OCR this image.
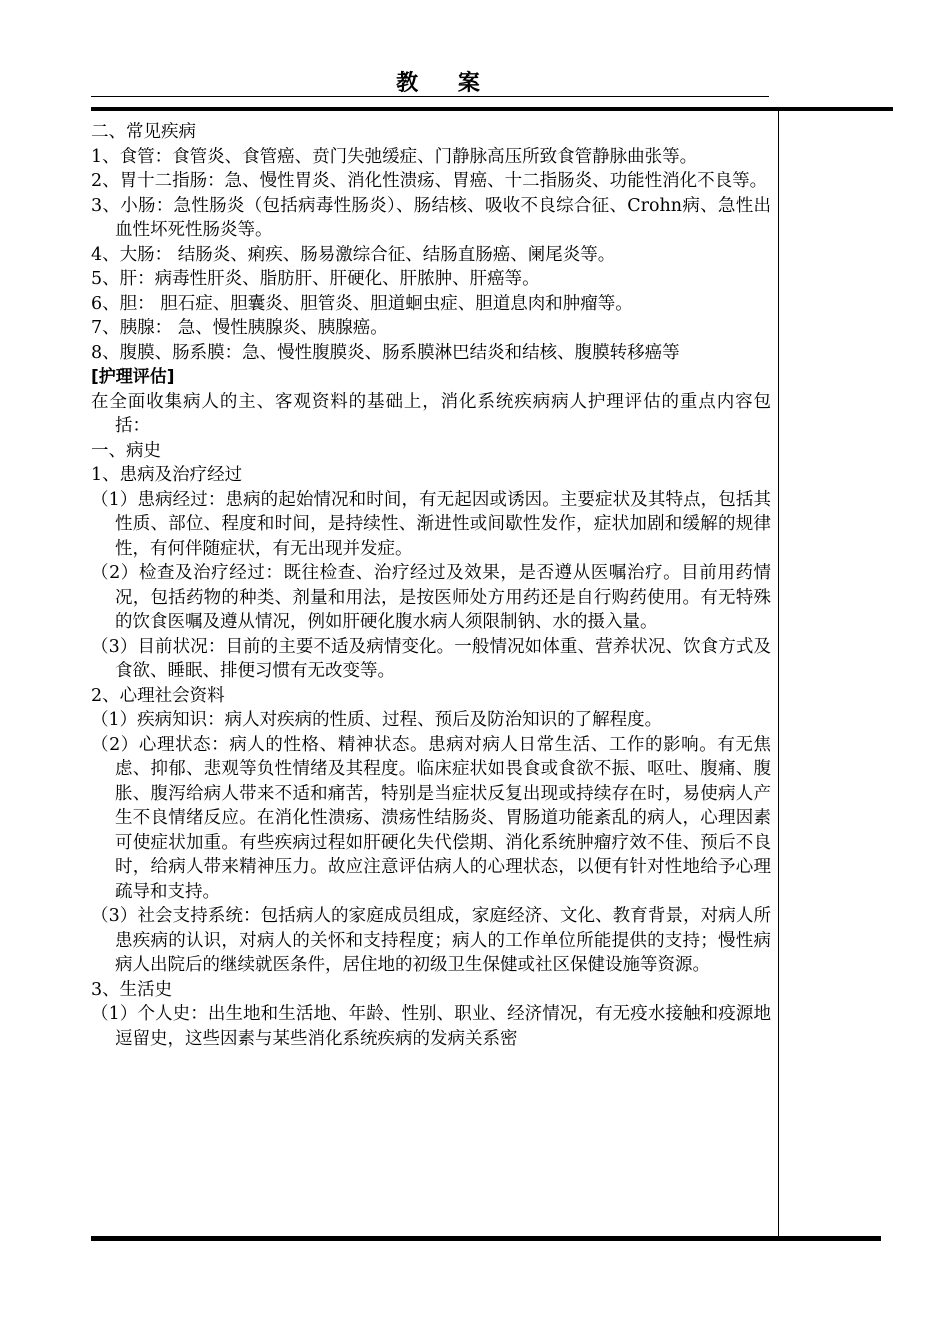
教 案

二、常见疾病

1、食管：食管炎、食管癌、贲门失弛缓症、门静脉高压所致食管静脉曲张等。

2、胃十二指肠：急、慢性胃炎、消化性溃疡、胃癌、十二指肠炎、功能性消化不良等。

3、小肠：急性肠炎（包括病毒性肠炎）、肠结核、吸收不良综合征、Crohn病、急性出血性坏死性肠炎等。

4、大肠： 结肠炎、痢疾、肠易激综合征、结肠直肠癌、阑尾炎等。

5、肝：病毒性肝炎、脂肪肝、肝硬化、肝脓肿、肝癌等。

6、胆： 胆石症、胆囊炎、胆管炎、胆道蛔虫症、胆道息肉和肿瘤等。

7、胰腺： 急、慢性胰腺炎、胰腺癌。

8、腹膜、肠系膜：急、慢性腹膜炎、肠系膜淋巴结炎和结核、腹膜转移癌等

[护理评估]

在全面收集病人的主、客观资料的基础上，消化系统疾病病人护理评估的重点内容包括：

一、病史

1、患病及治疗经过

（1）患病经过：患病的起始情况和时间，有无起因或诱因。主要症状及其特点，包括其性质、部位、程度和时间，是持续性、渐进性或间歇性发作，症状加剧和缓解的规律性，有何伴随症状，有无出现并发症。

（2）检查及治疗经过：既往检查、治疗经过及效果，是否遵从医嘱治疗。目前用药情况，包括药物的种类、剂量和用法，是按医师处方用药还是自行购药使用。有无特殊的饮食医嘱及遵从情况，例如肝硬化腹水病人须限制钠、水的摄入量。

（3）目前状况：目前的主要不适及病情变化。一般情况如体重、营养状况、饮食方式及食欲、睡眠、排便习惯有无改变等。

2、心理社会资料

（1）疾病知识：病人对疾病的性质、过程、预后及防治知识的了解程度。

（2）心理状态：病人的性格、精神状态。患病对病人日常生活、工作的影响。有无焦虑、抑郁、悲观等负性情绪及其程度。临床症状如畏食或食欲不振、呕吐、腹痛、腹胀、腹泻给病人带来不适和痛苦，特别是当症状反复出现或持续存在时，易使病人产生不良情绪反应。在消化性溃疡、溃疡性结肠炎、胃肠道功能紊乱的病人，心理因素可使症状加重。有些疾病过程如肝硬化失代偿期、消化系统肿瘤疗效不佳、预后不良时，给病人带来精神压力。故应注意评估病人的心理状态，以便有针对性地给予心理疏导和支持。

（3）社会支持系统：包括病人的家庭成员组成，家庭经济、文化、教育背景，对病人所患疾病的认识，对病人的关怀和支持程度；病人的工作单位所能提供的支持；慢性病病人出院后的继续就医条件，居住地的初级卫生保健或社区保健设施等资源。

3、生活史

（1）个人史：出生地和生活地、年龄、性别、职业、经济情况，有无疫水接触和疫源地逗留史，这些因素与某些消化系统疾病的发病关系密
